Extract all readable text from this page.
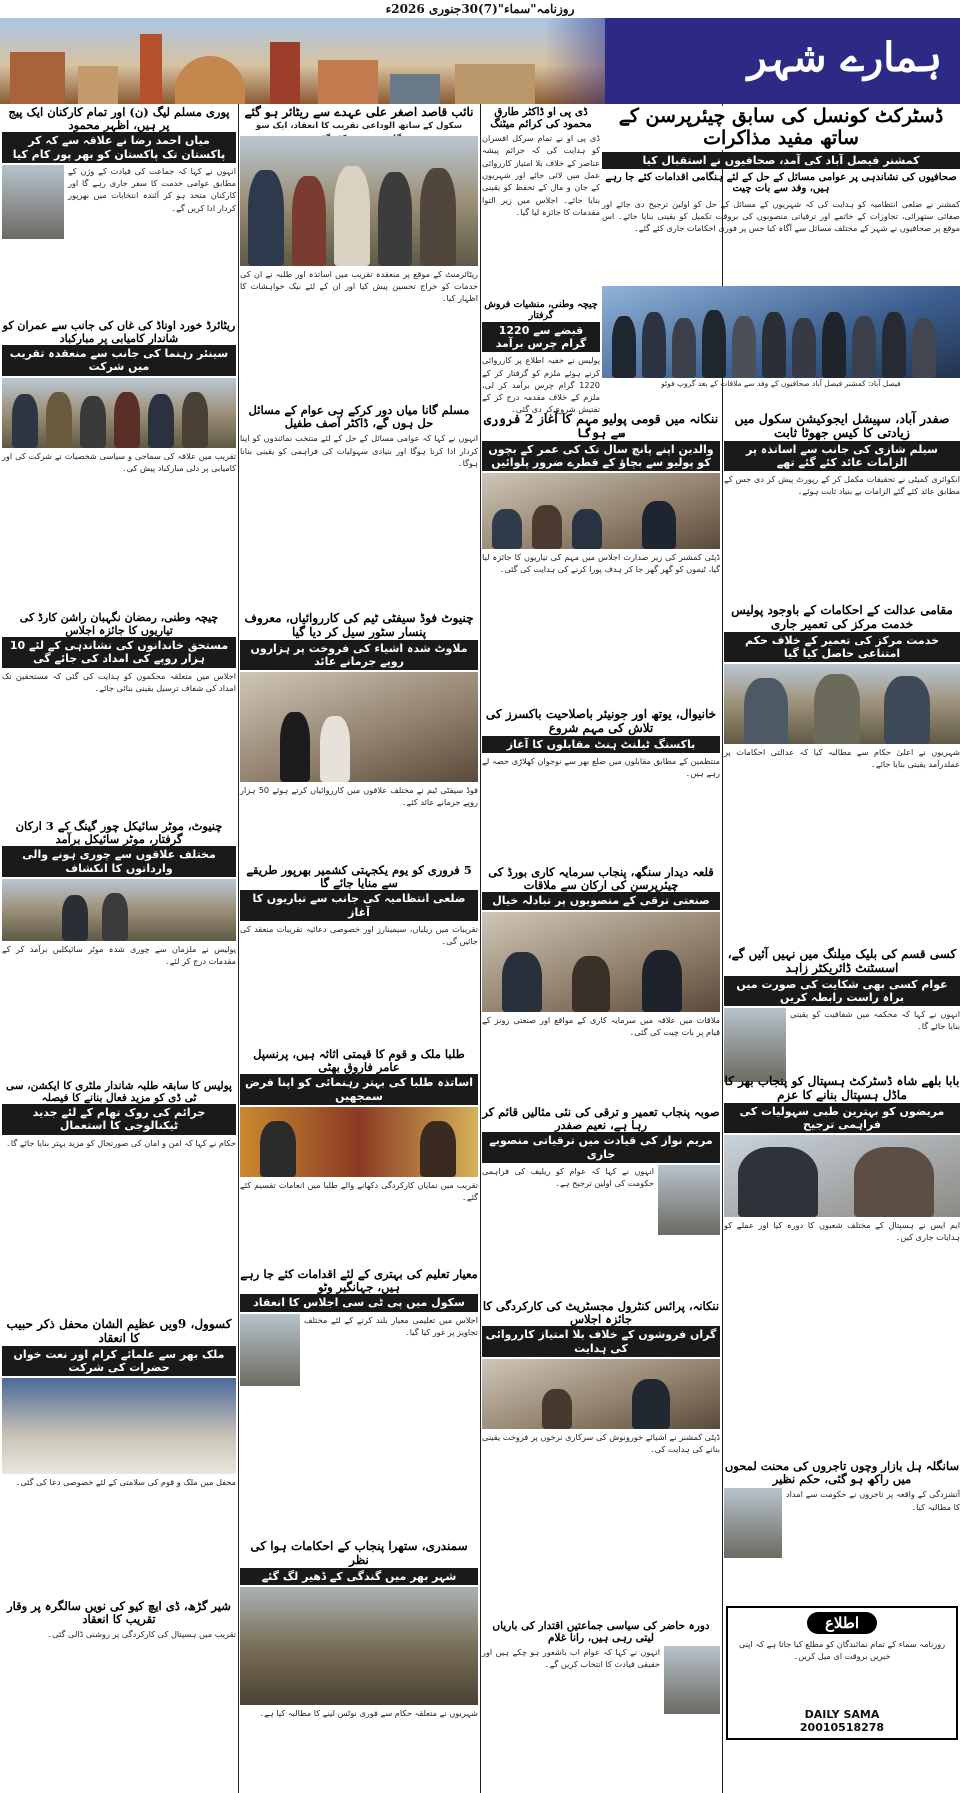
روزنامہ"سماء"(7)30جنوری 2026ء
ہمارے شہر
ڈسٹرکٹ کونسل کی سابق چیئرپرسن کے ساتھ مفید مذاکرات
کمشنر فیصل آباد کی آمد، صحافیوں نے استقبال کیا
صحافیوں کی نشاندہی پر عوامی مسائل کے حل کے لئے ہنگامی اقدامات کئے جا رہے ہیں، وفد سے بات چیت
کمشنر نے ضلعی انتظامیہ کو ہدایت کی کہ شہریوں کے مسائل کے حل کو اولین ترجیح دی جائے اور صفائی ستھرائی، تجاوزات کے خاتمے اور ترقیاتی منصوبوں کی بروقت تکمیل کو یقینی بنایا جائے۔ اس موقع پر صحافیوں نے شہر کے مختلف مسائل سے آگاہ کیا جس پر فوری احکامات جاری کئے گئے۔
فیصل آباد: کمشنر فیصل آباد صحافیوں کے وفد سے ملاقات کے بعد گروپ فوٹو
صفدر آباد، سپیشل ایجوکیشن سکول میں زیادتی کا کیس جھوٹا ثابت
سیلم شازی کی جانب سے اساتذہ پر الزامات عائد کئے گئے تھے
انکوائری کمیٹی نے تحقیقات مکمل کر کے رپورٹ پیش کر دی جس کے مطابق عائد کئے گئے الزامات بے بنیاد ثابت ہوئے۔
مقامی عدالت کے احکامات کے باوجود پولیس خدمت مرکز کی تعمیر جاری
خدمت مرکز کی تعمیر کے خلاف حکم امتناعی حاصل کیا گیا
شہریوں نے اعلیٰ حکام سے مطالبہ کیا کہ عدالتی احکامات پر عملدرآمد یقینی بنایا جائے۔
کسی قسم کی بلیک میلنگ میں نہیں آئیں گے، اسسٹنٹ ڈائریکٹر زاہد
عوام کسی بھی شکایت کی صورت میں براہ راست رابطہ کریں
انہوں نے کہا کہ محکمہ میں شفافیت کو یقینی بنایا جائے گا۔
بابا بلھے شاہ ڈسٹرکٹ ہسپتال کو پنجاب بھر کا ماڈل ہسپتال بنانے کا عزم
مریضوں کو بہترین طبی سہولیات کی فراہمی ترجیح
ایم ایس نے ہسپتال کے مختلف شعبوں کا دورہ کیا اور عملے کو ہدایات جاری کیں۔
سانگلہ ہل بازار وچوں تاجروں کی محنت لمحوں میں راکھ ہو گئی، حکم نظیر
آتشزدگی کے واقعہ پر تاجروں نے حکومت سے امداد کا مطالبہ کیا۔
اطلاع
روزنامہ سماء کے تمام نمائندگان کو مطلع کیا جاتا ہے کہ اپنی خبریں بروقت ای میل کریں۔
DAILY SAMA
20010518278
ڈی پی او ڈاکٹر طارق محمود کی کرائم میٹنگ
ڈی پی او نے تمام سرکل افسران کو ہدایت کی کہ جرائم پیشہ عناصر کے خلاف بلا امتیاز کارروائی عمل میں لائی جائے اور شہریوں کے جان و مال کے تحفظ کو یقینی بنایا جائے۔ اجلاس میں زیر التوا مقدمات کا جائزہ لیا گیا۔
چیچہ وطنی، منشیات فروش گرفتار
قبضے سے 1220 گرام چرس برآمد
پولیس نے خفیہ اطلاع پر کارروائی کرتے ہوئے ملزم کو گرفتار کر کے 1220 گرام چرس برآمد کر لی، ملزم کے خلاف مقدمہ درج کر کے تفتیش شروع کر دی گئی۔
ننکانہ میں قومی پولیو مہم کا آغاز 2 فروری سے ہوگا
والدین اپنے پانچ سال تک کی عمر کے بچوں کو پولیو سے بچاؤ کے قطرے ضرور پلوائیں
ڈپٹی کمشنر کی زیر صدارت اجلاس میں مہم کی تیاریوں کا جائزہ لیا گیا، ٹیموں کو گھر گھر جا کر ہدف پورا کرنے کی ہدایت کی گئی۔
خانیوال، یوتھ اور جونیئر باصلاحیت باکسرز کی تلاش کی مہم شروع
باکسنگ ٹیلنٹ ہنٹ مقابلوں کا آغاز
منتظمین کے مطابق مقابلوں میں ضلع بھر سے نوجوان کھلاڑی حصہ لے رہے ہیں۔
قلعہ دیدار سنگھ، پنجاب سرمایہ کاری بورڈ کی چیئرپرسن کی ارکان سے ملاقات
صنعتی ترقی کے منصوبوں پر تبادلہ خیال
ملاقات میں علاقہ میں سرمایہ کاری کے مواقع اور صنعتی زونز کے قیام پر بات چیت کی گئی۔
صوبہ پنجاب تعمیر و ترقی کی نئی مثالیں قائم کر رہا ہے، نعیم صفدر
مریم نواز کی قیادت میں ترقیاتی منصوبے جاری
انہوں نے کہا کہ عوام کو ریلیف کی فراہمی حکومت کی اولین ترجیح ہے۔
ننکانہ، پرائس کنٹرول مجسٹریٹ کی کارکردگی کا جائزہ اجلاس
گراں فروشوں کے خلاف بلا امتیاز کارروائی کی ہدایت
ڈپٹی کمشنر نے اشیائے خورونوش کی سرکاری نرخوں پر فروخت یقینی بنانے کی ہدایت کی۔
دورہ حاضر کی سیاسی جماعتیں اقتدار کی باریاں لیتی رہی ہیں، رانا غلام
انہوں نے کہا کہ عوام اب باشعور ہو چکے ہیں اور حقیقی قیادت کا انتخاب کریں گے۔
نائب قاصد اصغر علی عہدے سے ریٹائر ہو گئے
سکول کے ساتھ الوداعی تقریب کا انعقاد، ایک سو
ریٹائرمنٹ کے موقع پر منعقدہ تقریب میں اساتذہ اور طلبہ نے ان کی خدمات کو خراج تحسین پیش کیا اور ان کے لئے نیک خواہشات کا اظہار کیا۔
مسلم گانا میاں دور کرکے ہی عوام کے مسائل حل ہوں گے، ڈاکٹر آصف طفیل
انہوں نے کہا کہ عوامی مسائل کے حل کے لئے منتخب نمائندوں کو اپنا کردار ادا کرنا ہوگا اور بنیادی سہولیات کی فراہمی کو یقینی بنانا ہوگا۔
چنیوٹ فوڈ سیفٹی ٹیم کی کارروائیاں، معروف پنسار سٹور سیل کر دیا گیا
ملاوٹ شدہ اشیاء کی فروخت پر ہزاروں روپے جرمانے عائد
فوڈ سیفٹی ٹیم نے مختلف علاقوں میں کارروائیاں کرتے ہوئے 50 ہزار روپے جرمانے عائد کئے۔
5 فروری کو یوم یکجہتی کشمیر بھرپور طریقے سے منایا جائے گا
ضلعی انتظامیہ کی جانب سے تیاریوں کا آغاز
تقریبات میں ریلیاں، سیمینارز اور خصوصی دعائیہ تقریبات منعقد کی جائیں گی۔
طلبا ملک و قوم کا قیمتی اثاثہ ہیں، پرنسپل عامر فاروق بھٹی
اساتذہ طلبا کی بہتر رہنمائی کو اپنا فرض سمجھیں
تقریب میں نمایاں کارکردگی دکھانے والے طلبا میں انعامات تقسیم کئے گئے۔
معیار تعلیم کی بہتری کے لئے اقدامات کئے جا رہے ہیں، جہانگیر وٹو
سکول میں پی ٹی سی اجلاس کا انعقاد
اجلاس میں تعلیمی معیار بلند کرنے کے لئے مختلف تجاویز پر غور کیا گیا۔
سمندری، ستھرا پنجاب کے احکامات ہوا کی نظر
شہر بھر میں گندگی کے ڈھیر لگ گئے
شہریوں نے متعلقہ حکام سے فوری نوٹس لینے کا مطالبہ کیا ہے۔
پوری مسلم لیگ (ن) اور تمام کارکنان ایک پیج پر ہیں، اظہر محمود
میاں احمد رضا نے علاقہ سے کہ کر پاکستان تک پاکستان کو بھر پور کام کیا
انہوں نے کہا کہ جماعت کی قیادت کے وژن کے مطابق عوامی خدمت کا سفر جاری رہے گا اور کارکنان متحد ہو کر آئندہ انتخابات میں بھرپور کردار ادا کریں گے۔
ریٹائرڈ خورد اوناڈ کی غاں کی جانب سے عمران کو شاندار کامیابی پر مبارکباد
سینئر رہنما کی جانب سے منعقدہ تقریب میں شرکت
تقریب میں علاقہ کی سماجی و سیاسی شخصیات نے شرکت کی اور کامیابی پر دلی مبارکباد پیش کی۔
چیچہ وطنی، رمضان نگہبان راشن کارڈ کی تیاریوں کا جائزہ اجلاس
مستحق خاندانوں کی نشاندہی کے لئے 10 ہزار روپے کی امداد کی جائے گی
اجلاس میں متعلقہ محکموں کو ہدایت کی گئی کہ مستحقین تک امداد کی شفاف ترسیل یقینی بنائی جائے۔
چنیوٹ، موٹر سائیکل چور گینگ کے 3 ارکان گرفتار، موٹر سائیکل برآمد
مختلف علاقوں سے چوری ہونے والی وارداتوں کا انکشاف
پولیس نے ملزمان سے چوری شدہ موٹر سائیکلیں برآمد کر کے مقدمات درج کر لئے۔
پولیس کا سابقہ طلبہ شاندار ملٹری کا ایکشن، سی ٹی ڈی کو مزید فعال بنانے کا فیصلہ
جرائم کی روک تھام کے لئے جدید ٹیکنالوجی کا استعمال
حکام نے کہا کہ امن و امان کی صورتحال کو مزید بہتر بنایا جائے گا۔
کسوول، 9ویں عظیم الشان محفل ذکر حبیب کا انعقاد
ملک بھر سے علمائے کرام اور نعت خواں حضرات کی شرکت
محفل میں ملک و قوم کی سلامتی کے لئے خصوصی دعا کی گئی۔
شیر گڑھ، ڈی ایچ کیو کی نویں سالگرہ پر وقار تقریب کا انعقاد
تقریب میں ہسپتال کی کارکردگی پر روشنی ڈالی گئی۔
